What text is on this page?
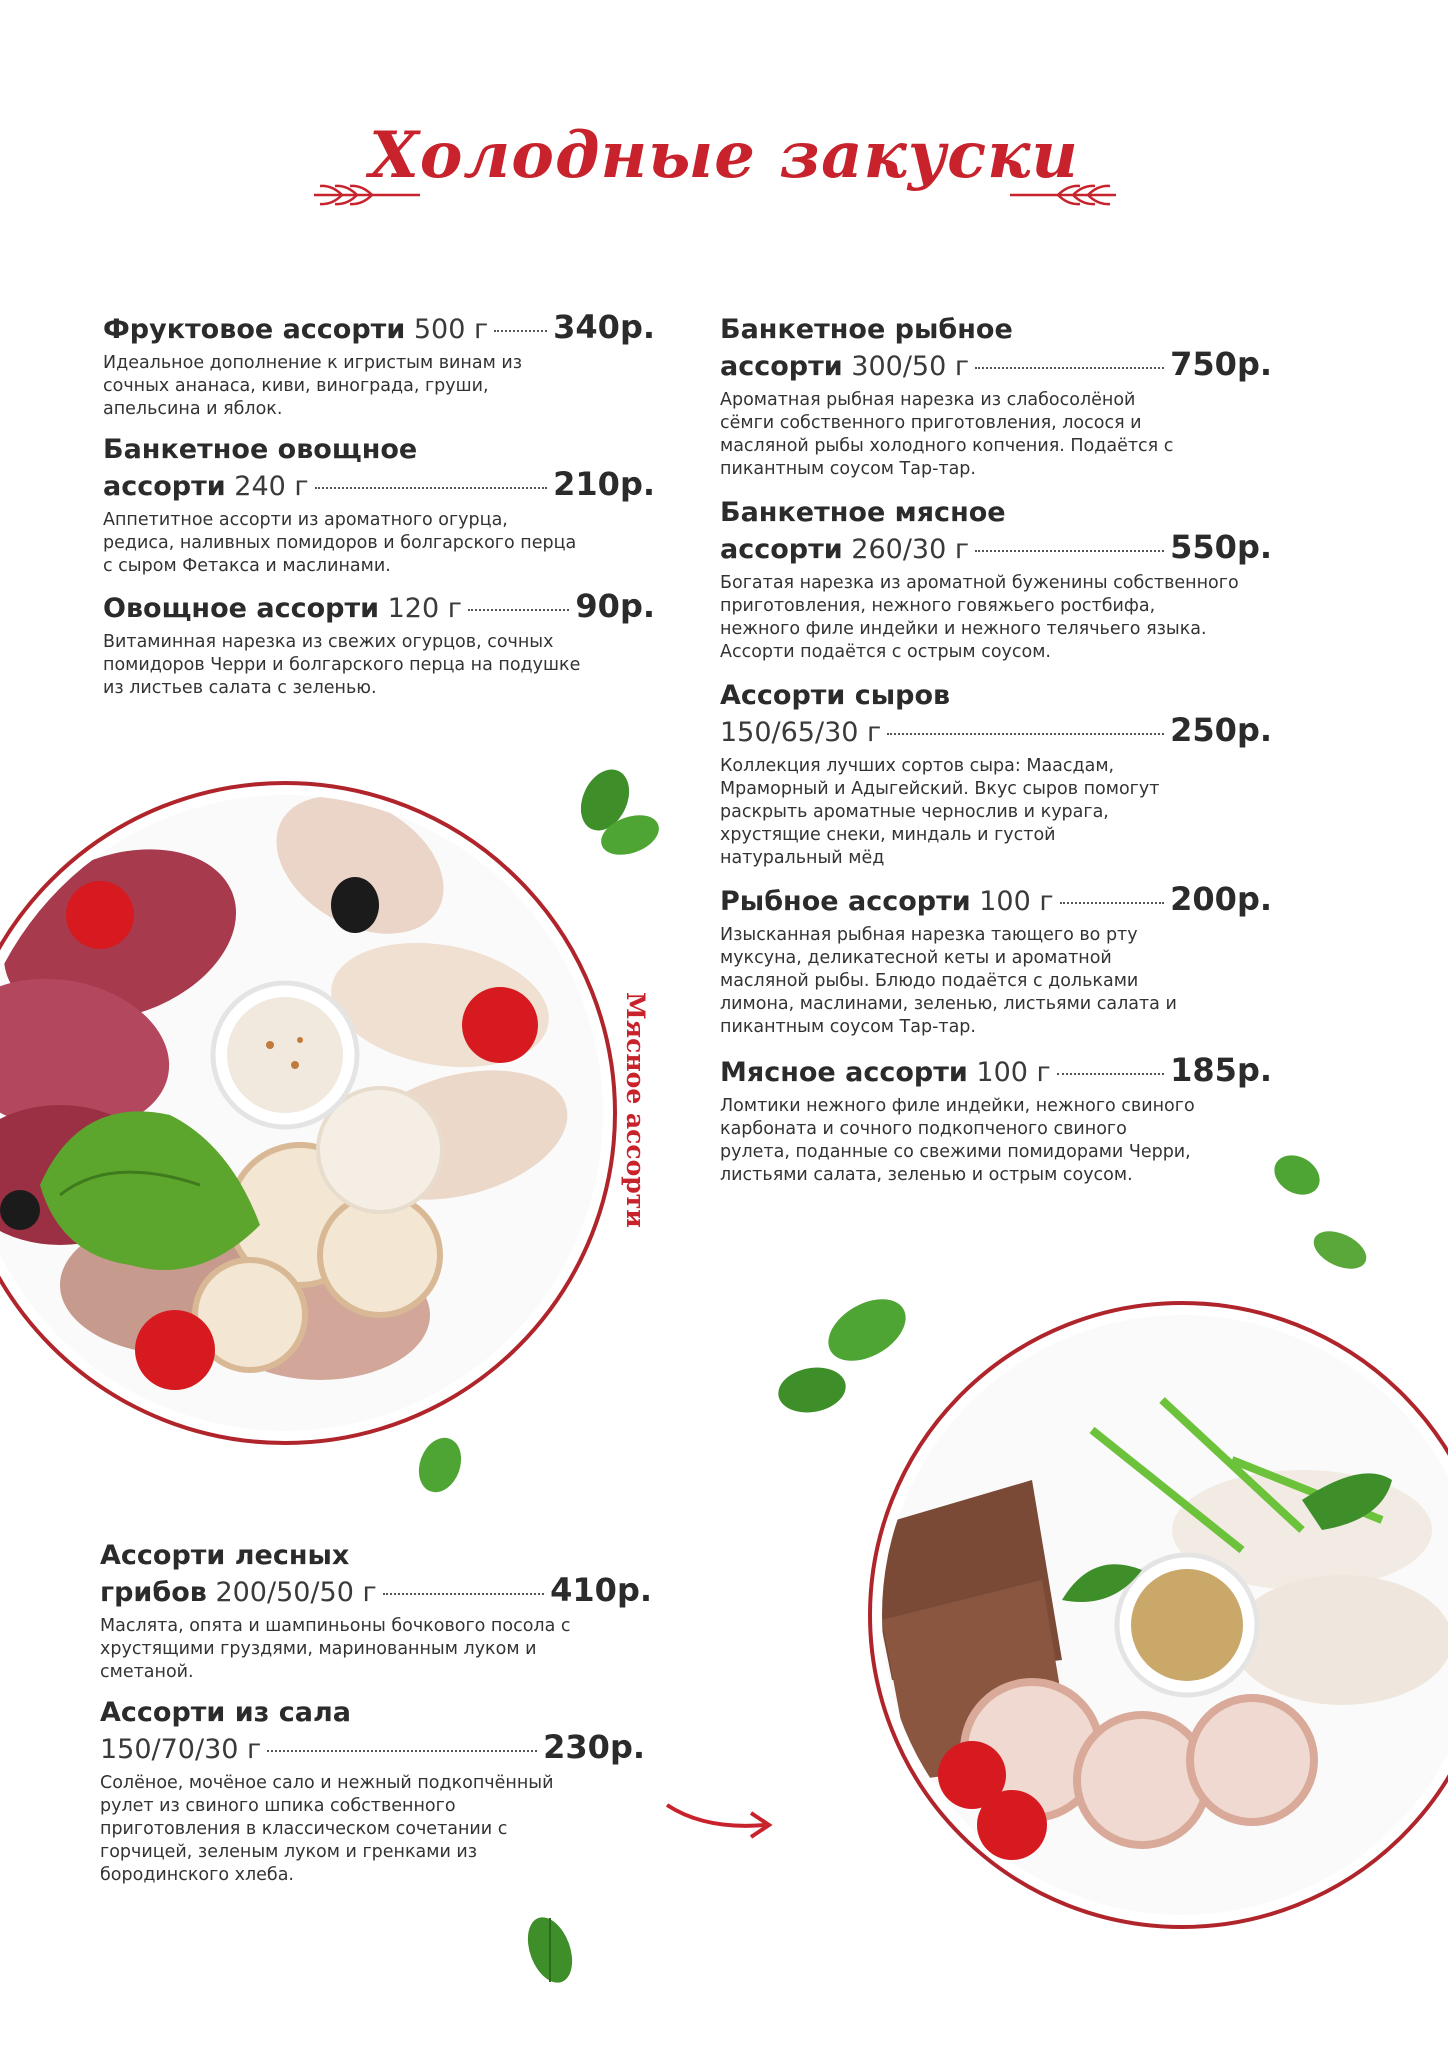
Холодные закуски
Фруктовое ассорти
500 г 340р.
Идеальное дополнение к игристым винам из сочных ананаса, киви, винограда, груши, апельсина и яблок.
Банкетное овощное
ассорти
240 г	210р.
Аппетитное ассорти из ароматного огурца, редиса, наливных помидоров и болгарского перца с сыром Фетакса и маслинами.
Овощное ассорти
120 г	90р.
Витаминная нарезка из свежих огурцов, сочных помидоров Черри и болгарского перца на подушке из листьев салата с зеленью.
Банкетное рыбное
ассорти
300/50 г	750р.
Ароматная рыбная нарезка из слабосолёной сёмги собственного приготовления, лосося и масляной рыбы холодного копчения. Подаётся с пикантным соусом Тар-тар.
Банкетное мясное
ассорти
260/30 г	550р.
Богатая нарезка из ароматной буженины собственного приготовления, нежного говяжьего ростбифа, нежного филе индейки и нежного телячьего языка. Ассорти подаётся с острым соусом.
Ассорти сыров
150/65/30 г	250р.
Коллекция лучших сортов сыра: Маасдам, Мраморный и Адыгейский. Вкус сыров помогут раскрыть ароматные чернослив и курага, хрустящие снеки, миндаль и густой натуральный мёд
Рыбное ассорти
100 г	200р.
Изысканная рыбная нарезка тающего во рту муксуна, деликатесной кеты и ароматной масляной рыбы. Блюдо подаётся с дольками лимона, маслинами, зеленью, листьями салата и пикантным соусом Тар-тар.
Мясное ассорти
100 г	185р.
Ломтики нежного филе индейки, нежного свиного карбоната и сочного подкопченого свиного рулета, поданные со свежими помидорами Черри, листьями салата, зеленью и острым соусом.
Ассорти лесных
грибов
200/50/50 г	410р.
Маслята, опята и шампиньоны бочкового посола с хрустящими груздями, маринованным луком и сметаной.
Ассорти из сала
150/70/30 г	230р.
Солёное, мочёное сало и нежный подкопчённый рулет из свиного шпика собственного приготовления в классическом сочетании с горчицей, зеленым луком и гренками из бородинского хлеба.
Мясное ассорти
